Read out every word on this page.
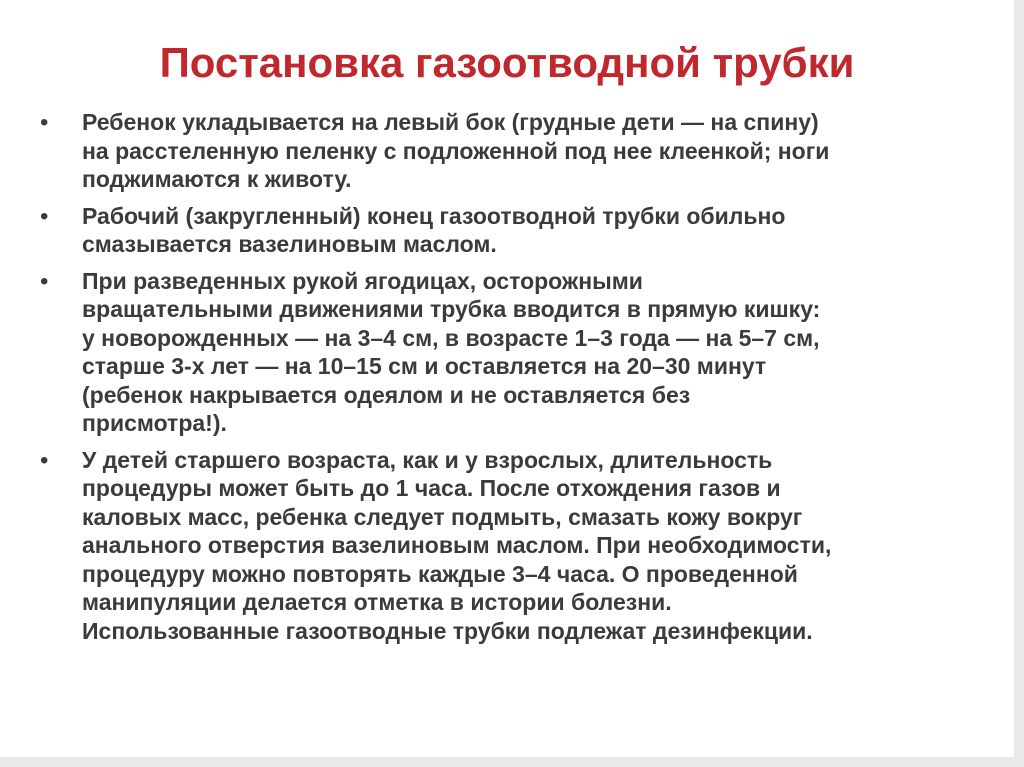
Постановка газоотводной трубки
• Ребенок укладывается на левый бок (грудные дети — на спину)
на расстеленную пеленку с подложенной под нее клеенкой; ноги
поджимаются к животу.
• Рабочий (закругленный) конец газоотводной трубки обильно
смазывается вазелиновым маслом.
• При разведенных рукой ягодицах, осторожными
вращательными движениями трубка вводится в прямую кишку:
у новорожденных — на 3–4 см, в возрасте 1–3 года — на 5–7 см,
старше 3-х лет — на 10–15 см и оставляется на 20–30 минут
(ребенок накрывается одеялом и не оставляется без
присмотра!).
• У детей старшего возраста, как и у взрослых, длительность
процедуры может быть до 1 часа. После отхождения газов и
каловых масс, ребенка следует подмыть, смазать кожу вокруг
анального отверстия вазелиновым маслом. При необходимости,
процедуру можно повторять каждые 3–4 часа. О проведенной
манипуляции делается отметка в истории болезни.
Использованные газоотводные трубки подлежат дезинфекции.
